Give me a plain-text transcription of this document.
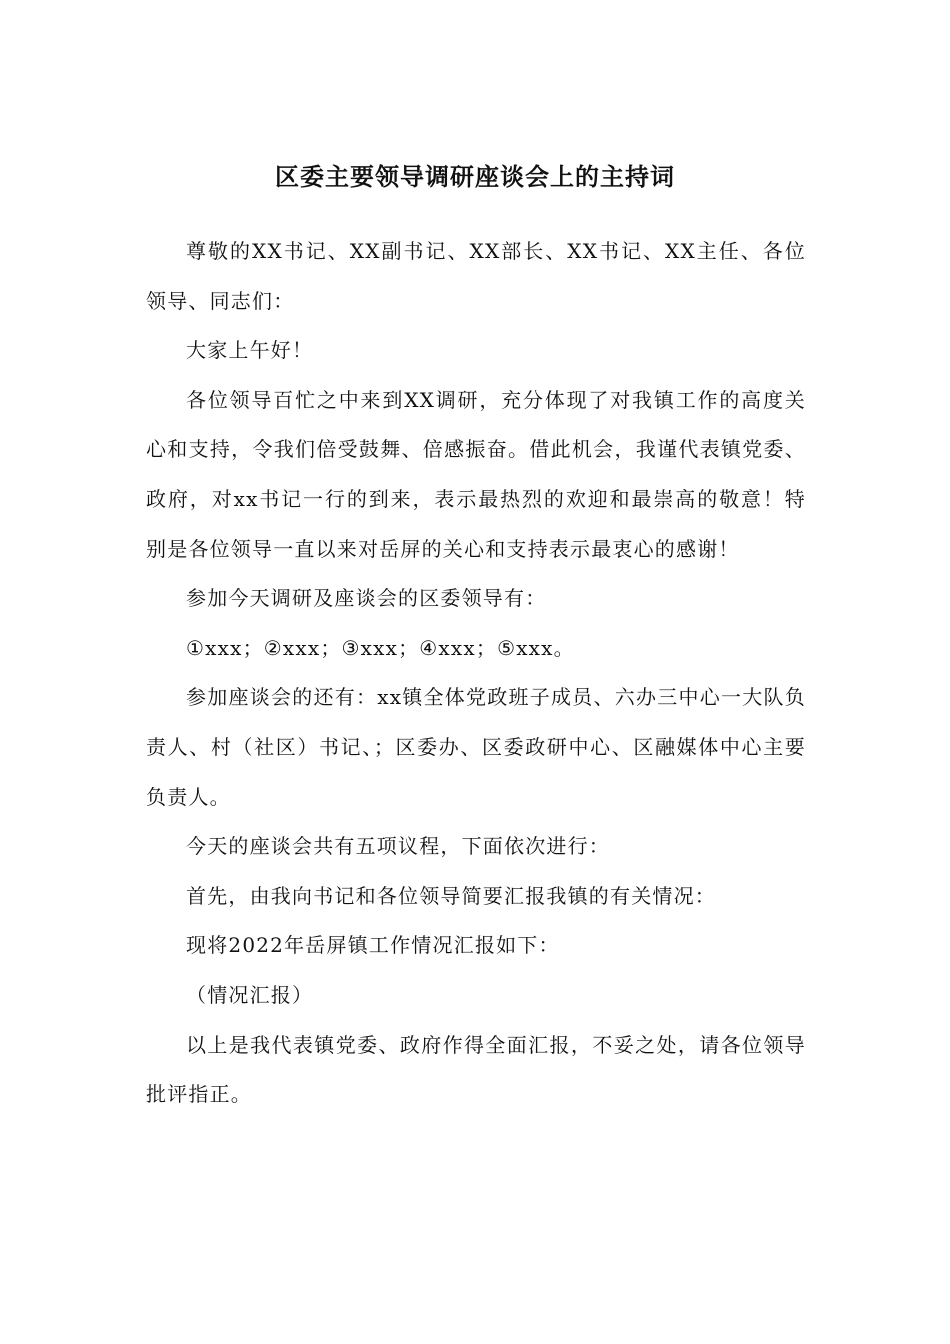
区委主要领导调研座谈会上的主持词

尊敬的XX书记、XX副书记、XX部长、XX书记、XX主任、各位领导、同志们：

大家上午好！

各位领导百忙之中来到XX调研，充分体现了对我镇工作的高度关心和支持，令我们倍受鼓舞、倍感振奋。借此机会，我谨代表镇党委、政府，对xx书记一行的到来，表示最热烈的欢迎和最崇高的敬意！特别是各位领导一直以来对岳屏的关心和支持表示最衷心的感谢！

参加今天调研及座谈会的区委领导有：

①xxx；②xxx；③xxx；④xxx；⑤xxx。

参加座谈会的还有：xx镇全体党政班子成员、六办三中心一大队负责人、村（社区）书记、；区委办、区委政研中心、区融媒体中心主要负责人。

今天的座谈会共有五项议程，下面依次进行：

首先，由我向书记和各位领导简要汇报我镇的有关情况：

现将2022年岳屏镇工作情况汇报如下：

（情况汇报）

以上是我代表镇党委、政府作得全面汇报，不妥之处，请各位领导批评指正。
